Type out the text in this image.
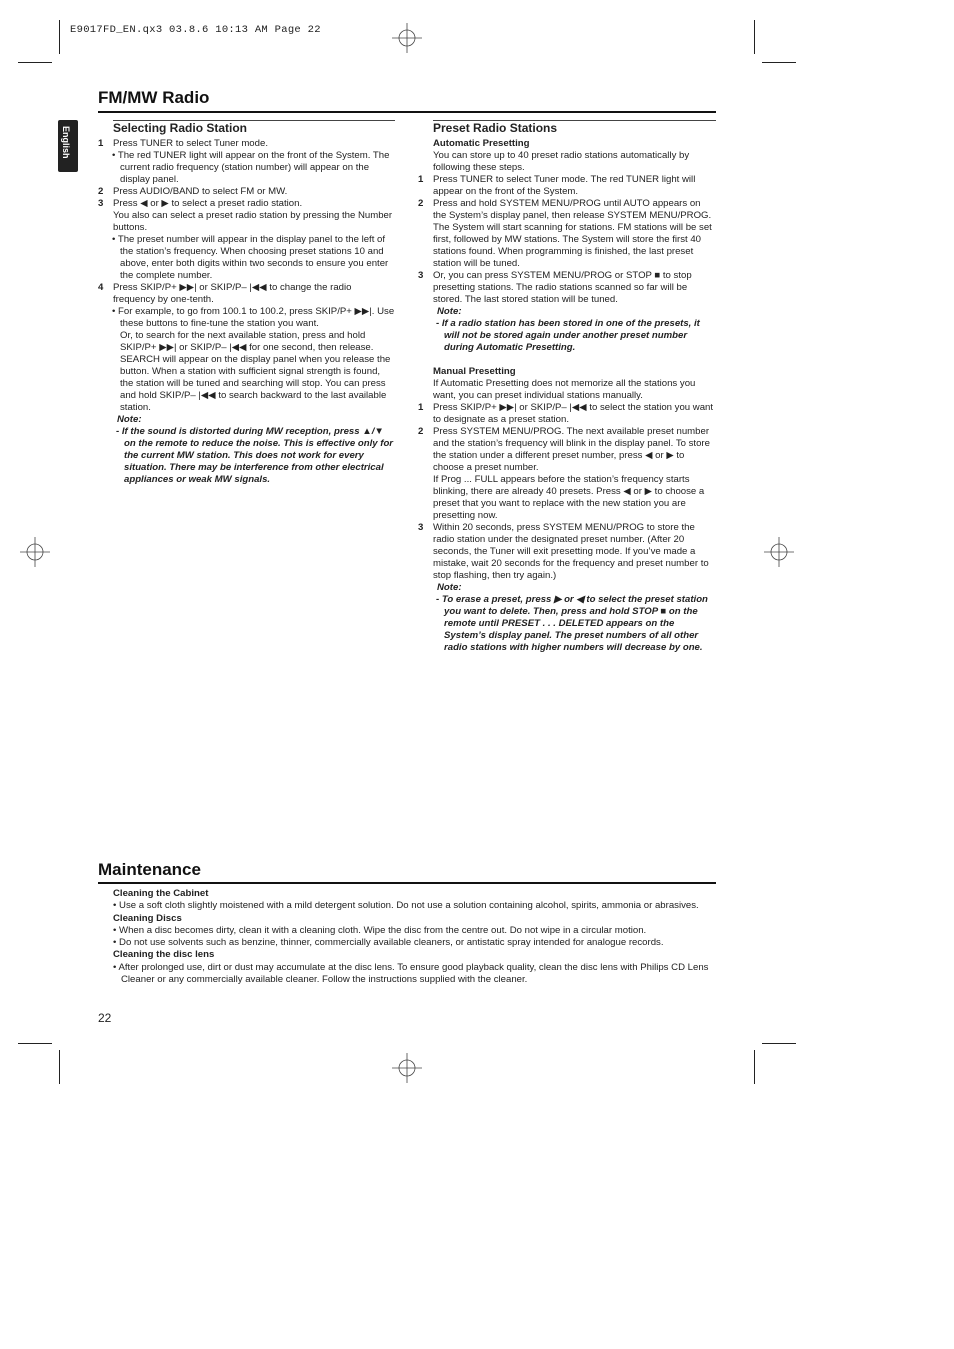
E9017FD_EN.qx3 03.8.6 10:13 AM Page 22
FM/MW Radio
English	Selecting Radio Station
1	Press TUNER to select Tuner mode.

• The red TUNER light will appear on the front of the System. The current radio frequency (station number) will appear on the display panel.

2	Press AUDIO/BAND to select FM or MW.
3	Press ◀ or ▶ to select a preset radio station.

You also can select a preset radio station by pressing the Number buttons.

• The preset number will appear in the display panel to the left of the station’s frequency. When choosing preset stations 10 and above, enter both digits within two seconds to ensure you enter the complete number.

4	Press SKIP/P+ ▶▶| or SKIP/P– |◀◀ to change the radio frequency by one-tenth.

• For example, to go from 100.1 to 100.2, press SKIP/P+ ▶▶|. Use these buttons to fine-tune the station you want.

Or, to search for the next available station, press and hold SKIP/P+ ▶▶| or SKIP/P– |◀◀ for one second, then release. SEARCH will appear on the display panel when you release the button. When a station with sufficient signal strength is found, the station will be tuned and searching will stop. You can press and hold SKIP/P– |◀◀ to search backward to the last available station.

Note:

- If the sound is distorted during MW reception, press ▲/▼ on the remote to reduce the noise. This is effective only for the current MW station. This does not work for every situation. There may be interference from other electrical appliances or weak MW signals.

Preset Radio Stations

Automatic Presetting

You can store up to 40 preset radio stations automatically by following these steps.

1	Press TUNER to select Tuner mode. The red TUNER light will appear on the front of the System.
2	Press and hold SYSTEM MENU/PROG until AUTO appears on the System’s display panel, then release SYSTEM MENU/PROG. The System will start scanning for stations. FM stations will be set first, followed by MW stations. The System will store the first 40 stations found. When programming is finished, the last preset station will be tuned.
3	Or, you can press SYSTEM MENU/PROG or STOP ■ to stop presetting stations. The radio stations scanned so far will be stored. The last stored station will be tuned.

Note:

- If a radio station has been stored in one of the presets, it will not be stored again under another preset number during Automatic Presetting.

Manual Presetting

If Automatic Presetting does not memorize all the stations you want, you can preset individual stations manually.

1	Press SKIP/P+ ▶▶| or SKIP/P– |◀◀ to select the station you want to designate as a preset station.
2	Press SYSTEM MENU/PROG. The next available preset number and the station’s frequency will blink in the display panel. To store the station under a different preset number, press ◀ or ▶ to choose a preset number.

If Prog ... FULL appears before the station’s frequency starts blinking, there are already 40 presets. Press ◀ or ▶ to choose a preset that you want to replace with the new station you are presetting now.

3	Within 20 seconds, press SYSTEM MENU/PROG to store the radio station under the designated preset number. (After 20 seconds, the Tuner will exit presetting mode. If you’ve made a mistake, wait 20 seconds for the frequency and preset number to stop flashing, then try again.)

Note:

- To erase a preset, press ▶ or ◀ to select the preset station you want to delete. Then, press and hold STOP ■ on the remote until PRESET . . . DELETED appears on the System’s display panel. The preset numbers of all other radio stations with higher numbers will decrease by one.

Maintenance

Cleaning the Cabinet

• Use a soft cloth slightly moistened with a mild detergent solution. Do not use a solution containing alcohol, spirits, ammonia or abrasives.

Cleaning Discs

• When a disc becomes dirty, clean it with a cleaning cloth. Wipe the disc from the centre out. Do not wipe in a circular motion.

• Do not use solvents such as benzine, thinner, commercially available cleaners, or antistatic spray intended for analogue records.

Cleaning the disc lens

• After prolonged use, dirt or dust may accumulate at the disc lens. To ensure good playback quality, clean the disc lens with Philips CD Lens Cleaner or any commercially available cleaner. Follow the instructions supplied with the cleaner.

22
